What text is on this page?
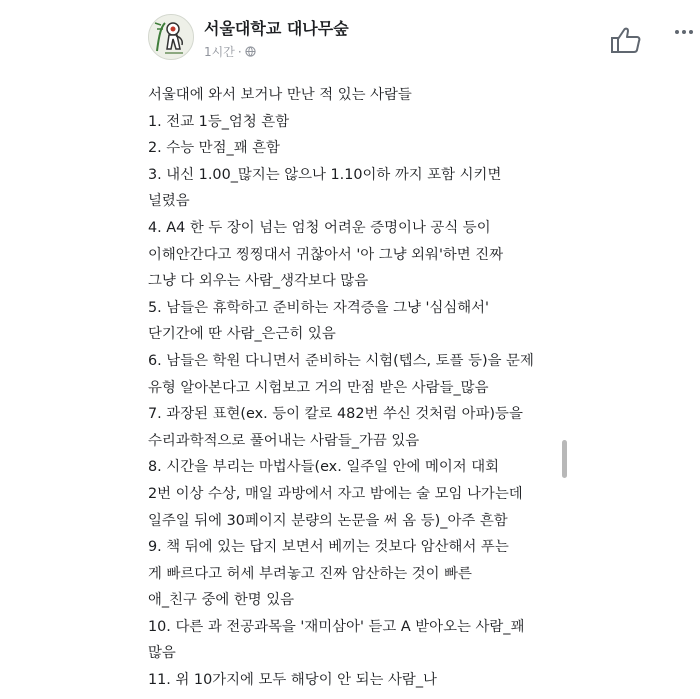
서울대학교 대나무숲
1시간 ·
서울대에 와서 보거나 만난 적 있는 사람들
1. 전교 1등_엄청 흔함
2. 수능 만점_꽤 흔함
3. 내신 1.00_많지는 않으나 1.10이하 까지 포함 시키면
널렸음
4. A4 한 두 장이 넘는 엄청 어려운 증명이나 공식 등이
이해안간다고 찡찡대서 귀찮아서 '아 그냥 외워'하면 진짜
그냥 다 외우는 사람_생각보다 많음
5. 남들은 휴학하고 준비하는 자격증을 그냥 '심심해서'
단기간에 딴 사람_은근히 있음
6. 남들은 학원 다니면서 준비하는 시험(텝스, 토플 등)을 문제
유형 알아본다고 시험보고 거의 만점 받은 사람들_많음
7. 과장된 표현(ex. 등이 칼로 482번 쑤신 것처럼 아파)등을
수리과학적으로 풀어내는 사람들_가끔 있음
8. 시간을 부리는 마법사들(ex. 일주일 안에 메이저 대회
2번 이상 수상, 매일 과방에서 자고 밤에는 술 모임 나가는데
일주일 뒤에 30페이지 분량의 논문을 써 옴 등)_아주 흔함
9. 책 뒤에 있는 답지 보면서 베끼는 것보다 암산해서 푸는
게 빠르다고 허세 부려놓고 진짜 암산하는 것이 빠른
애_친구 중에 한명 있음
10. 다른 과 전공과목을 '재미삼아' 듣고 A 받아오는 사람_꽤
많음
11. 위 10가지에 모두 해당이 안 되는 사람_나
